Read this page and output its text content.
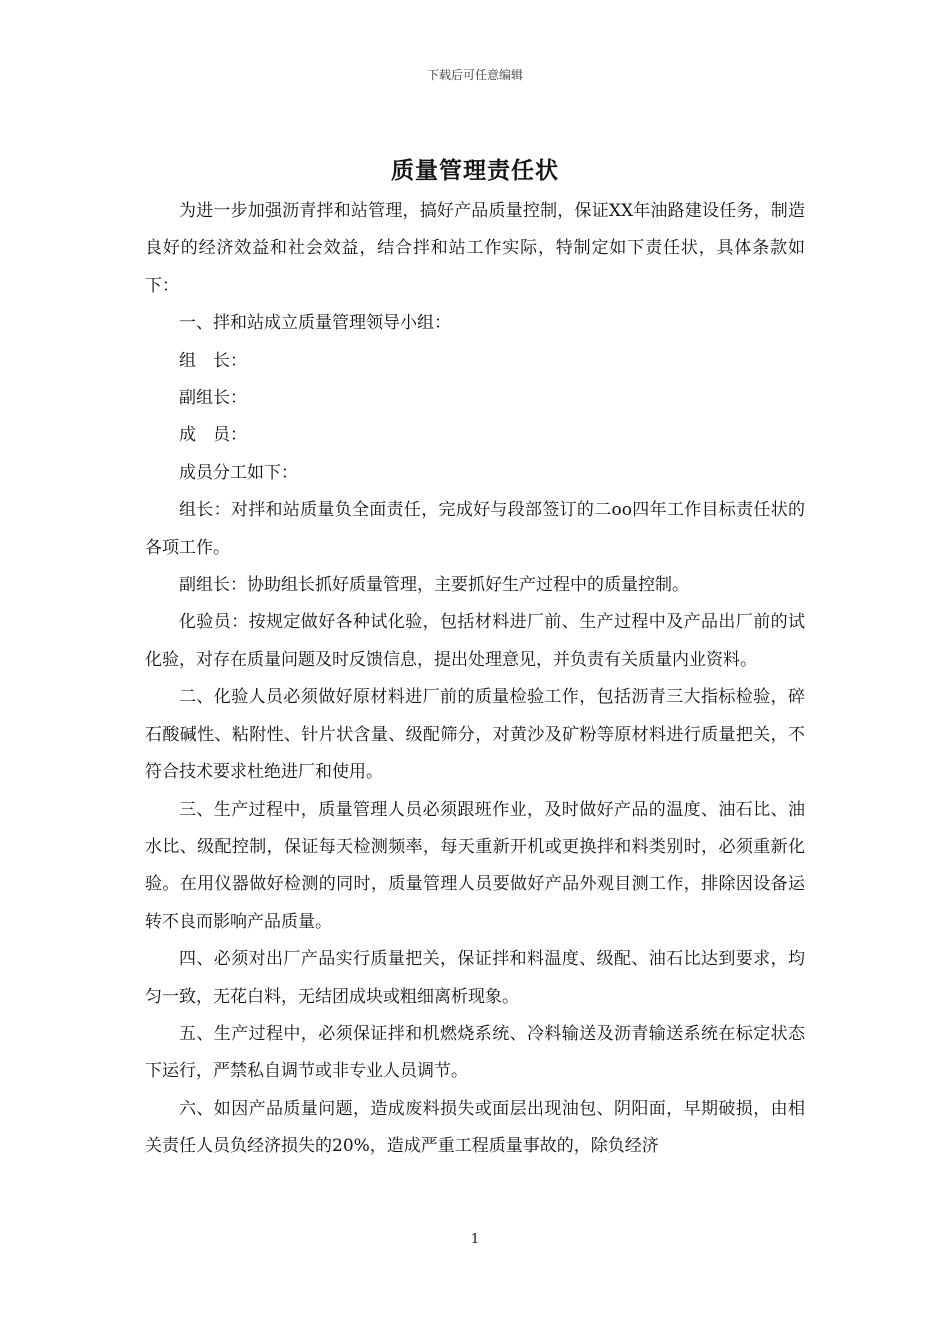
下载后可任意编辑
质量管理责任状

为进一步加强沥青拌和站管理，搞好产品质量控制，保证XX年油路建设任务，制造良好的经济效益和社会效益，结合拌和站工作实际，特制定如下责任状，具体条款如下：

一、拌和站成立质量管理领导小组：

组　长：

副组长：

成　员：

成员分工如下：

组长：对拌和站质量负全面责任，完成好与段部签订的二oo四年工作目标责任状的各项工作。

副组长：协助组长抓好质量管理，主要抓好生产过程中的质量控制。

化验员：按规定做好各种试化验，包括材料进厂前、生产过程中及产品出厂前的试化验，对存在质量问题及时反馈信息，提出处理意见，并负责有关质量内业资料。

二、化验人员必须做好原材料进厂前的质量检验工作，包括沥青三大指标检验，碎石酸碱性、粘附性、针片状含量、级配筛分，对黄沙及矿粉等原材料进行质量把关，不符合技术要求杜绝进厂和使用。

三、生产过程中，质量管理人员必须跟班作业，及时做好产品的温度、油石比、油水比、级配控制，保证每天检测频率，每天重新开机或更换拌和料类别时，必须重新化验。在用仪器做好检测的同时，质量管理人员要做好产品外观目测工作，排除因设备运转不良而影响产品质量。

四、必须对出厂产品实行质量把关，保证拌和料温度、级配、油石比达到要求，均匀一致，无花白料，无结团成块或粗细离析现象。

五、生产过程中，必须保证拌和机燃烧系统、冷料输送及沥青输送系统在标定状态下运行，严禁私自调节或非专业人员调节。

六、如因产品质量问题，造成废料损失或面层出现油包、阴阳面，早期破损，由相关责任人员负经济损失的20%，造成严重工程质量事故的，除负经济

1
